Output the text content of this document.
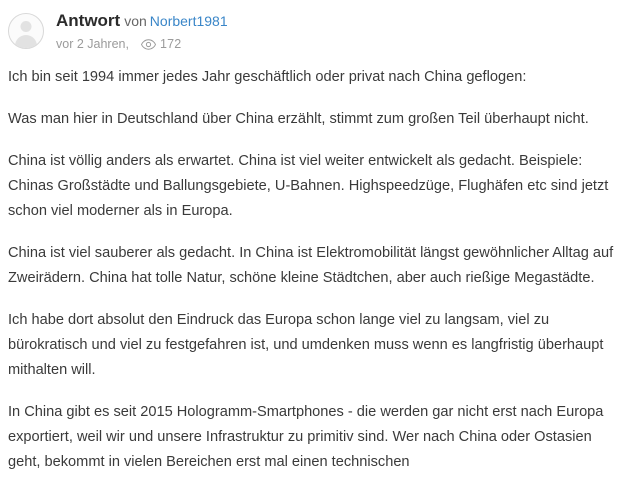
Antwort von Norbert1981
vor 2 Jahren, 172

Ich bin seit 1994 immer jedes Jahr geschäftlich oder privat nach China geflogen:

Was man hier in Deutschland über China erzählt, stimmt zum großen Teil überhaupt nicht.

China ist völlig anders als erwartet. China ist viel weiter entwickelt als gedacht. Beispiele: Chinas Großstädte und Ballungsgebiete, U-Bahnen. Highspeedzüge, Flughäfen etc sind jetzt schon viel moderner als in Europa.

China ist viel sauberer als gedacht. In China ist Elektromobilität längst gewöhnlicher Alltag auf Zweirädern. China hat tolle Natur, schöne kleine Städtchen, aber auch rießige Megastädte.

Ich habe dort absolut den Eindruck das Europa schon lange viel zu langsam, viel zu bürokratisch und viel zu festgefahren ist, und umdenken muss wenn es langfristig überhaupt mithalten will.

In China gibt es seit 2015 Hologramm-Smartphones - die werden gar nicht erst nach Europa exportiert, weil wir und unsere Infrastruktur zu primitiv sind. Wer nach China oder Ostasien geht, bekommt in vielen Bereichen erst mal einen technischen
